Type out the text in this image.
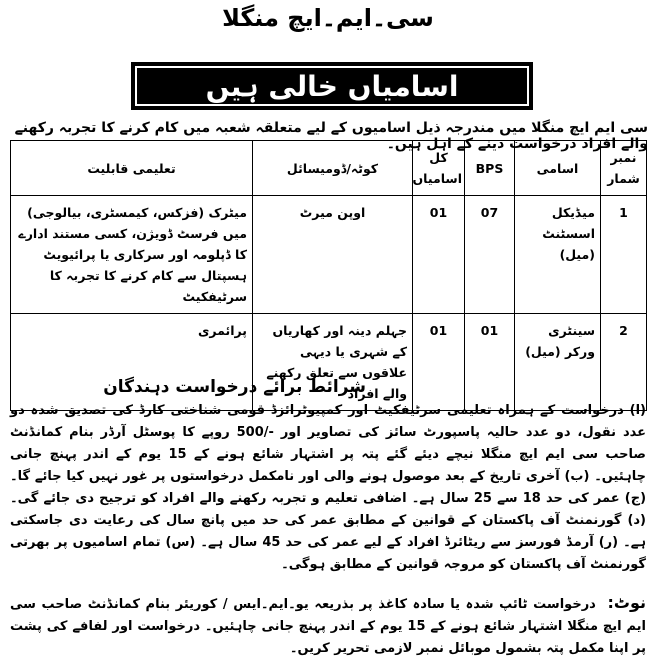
سی۔ایم۔ایچ منگلا
اسامیاں خالی ہیں
سی ایم ایچ منگلا میں مندرجہ ذیل اسامیوں کے لیے متعلقہ شعبہ میں کام کرنے کا تجربہ رکھنے والے افراد درخواست دینے کے اہل ہیں۔
نمبر شمار	اسامی	BPS	کل اسامیاں	کوٹہ/ڈومیسائل	تعلیمی قابلیت
1	میڈیکل اسسٹنٹ (میل)	07	01	اوپن میرٹ	میٹرک (فزکس، کیمسٹری، بیالوجی) میں فرسٹ ڈویژن، کسی مستند ادارے کا ڈپلومہ اور سرکاری یا پرائیویٹ ہسپتال سے کام کرنے کا تجربہ کا سرٹیفکیٹ
2	سینٹری ورکر (میل)	01	01	جہلم دینہ اور کھاریاں کے شہری یا دیہی علاقوں سے تعلق رکھنے والے افراد	پرائمری
شرائط برائے درخواست دہندگان
(ا) درخواست کے ہمراہ تعلیمی سرٹیفکیٹ اور کمپیوٹرائزڈ قومی شناختی کارڈ کی تصدیق شدہ دو عدد نقول، دو عدد حالیہ پاسپورٹ سائز کی تصاویر اور -/500 روپے کا پوسٹل آرڈر بنام کمانڈنٹ صاحب سی ایم ایچ منگلا نیچے دیئے گئے پتہ پر اشتہار شائع ہونے کے 15 یوم کے اندر پہنچ جانی چاہئیں۔ (ب) آخری تاریخ کے بعد موصول ہونے والی اور نامکمل درخواستوں پر غور نہیں کیا جائے گا۔ (ج) عمر کی حد 18 سے 25 سال ہے۔ اضافی تعلیم و تجربہ رکھنے والے افراد کو ترجیح دی جائے گی۔ (د) گورنمنٹ آف پاکستان کے قوانین کے مطابق عمر کی حد میں پانچ سال کی رعایت دی جاسکتی ہے۔ (ر) آرمڈ فورسز سے ریٹائرڈ افراد کے لیے عمر کی حد 45 سال ہے۔ (س) تمام اسامیوں پر بھرتی گورنمنٹ آف پاکستان کو مروجہ قوانین کے مطابق ہوگی۔
نوٹ: درخواست ٹائپ شدہ یا سادہ کاغذ پر بذریعہ یو۔ایم۔ایس / کوریئر بنام کمانڈنٹ صاحب سی ایم ایچ منگلا اشتہار شائع ہونے کے 15 یوم کے اندر پہنچ جانی چاہئیں۔ درخواست اور لفافے کی پشت پر اپنا مکمل پتہ بشمول موبائل نمبر لازمی تحریر کریں۔
